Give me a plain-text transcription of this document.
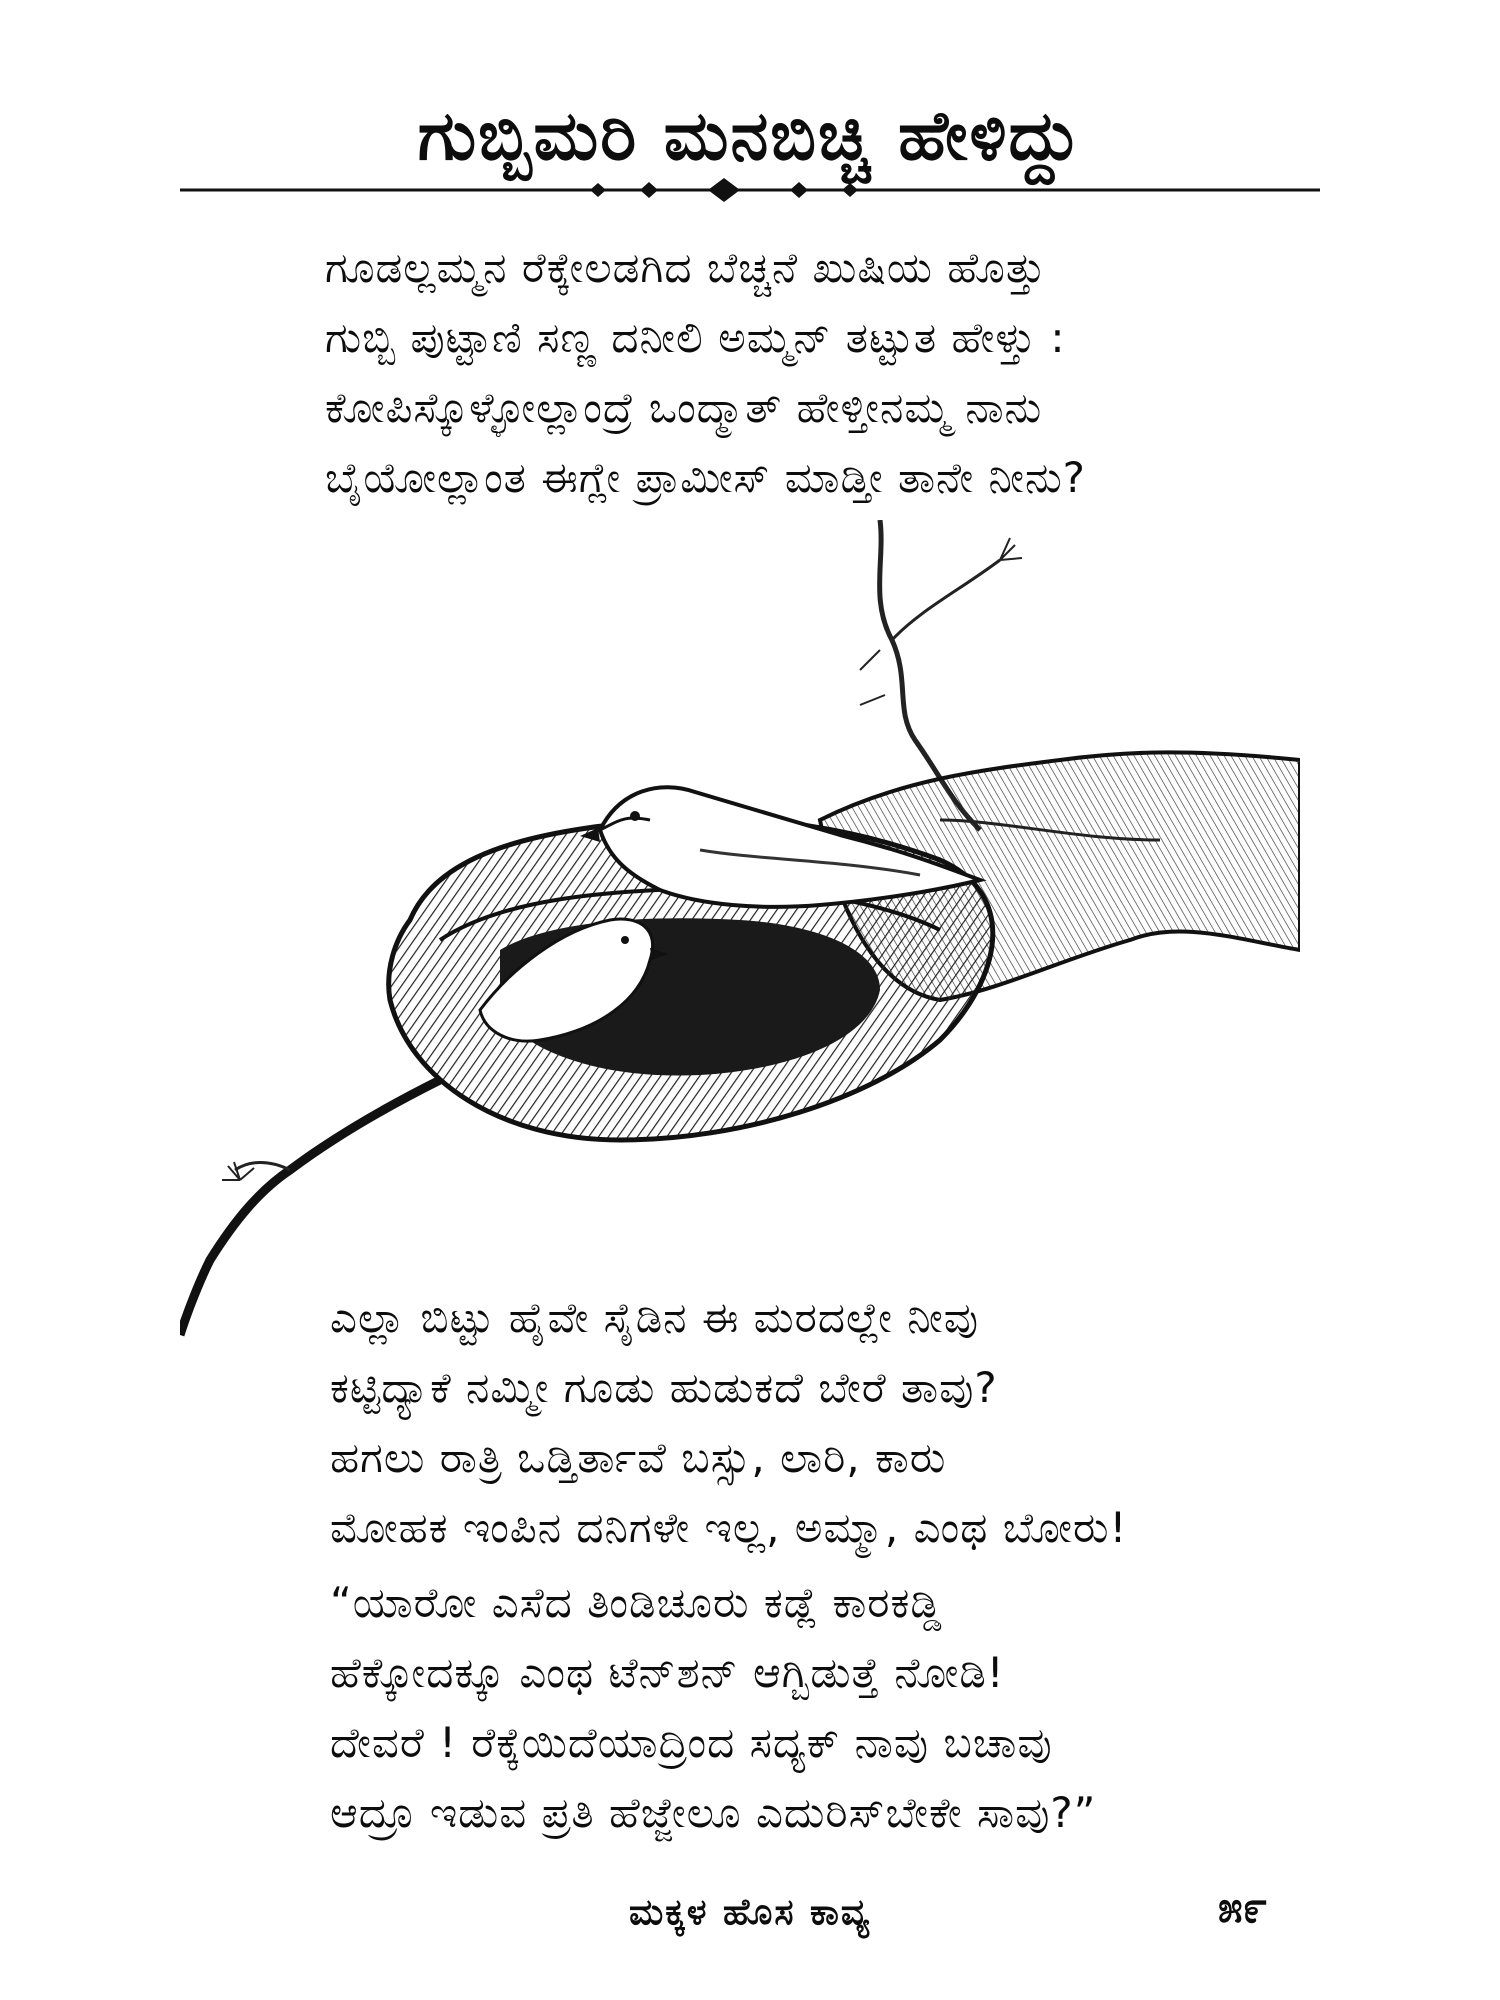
ಗುಬ್ಬಿಮರಿ ಮನಬಿಚ್ಚಿ ಹೇಳಿದ್ದು
ಗೂಡಲ್ಲಮ್ಮನ ರೆಕ್ಕೇಲಡಗಿದ ಬೆಚ್ಚನೆ ಖುಷಿಯ ಹೊತ್ತು
ಗುಬ್ಬಿ ಪುಟ್ಟಾಣಿ ಸಣ್ಣ ದನೀಲಿ ಅಮ್ಮನ್ ತಟ್ಟುತ ಹೇಳ್ತು :
ಕೋಪಿಸ್ಕೊಳ್ಳೋಲ್ಲಾಂದ್ರೆ ಒಂದ್ಮಾತ್ ಹೇಳ್ತೀನಮ್ಮ ನಾನು
ಬೈಯೋಲ್ಲಾಂತ ಈಗ್ಲೇ ಪ್ರಾಮೀಸ್ ಮಾಡ್ತೀ ತಾನೇ ನೀನು?
ಎಲ್ಲಾ ಬಿಟ್ಟು ಹೈವೇ ಸೈಡಿನ ಈ ಮರದಲ್ಲೇ ನೀವು
ಕಟ್ಟಿದ್ಯಾಕೆ ನಮ್ಮೀ ಗೂಡು ಹುಡುಕದೆ ಬೇರೆ ತಾವು?
ಹಗಲು ರಾತ್ರಿ ಒಡ್ತಿರ್ತಾವೆ ಬಸ್ಸು, ಲಾರಿ, ಕಾರು
ಮೋಹಕ ಇಂಪಿನ ದನಿಗಳೇ ಇಲ್ಲ, ಅಮ್ಮಾ, ಎಂಥ ಬೋರು!
“ಯಾರೋ ಎಸೆದ ತಿಂಡಿಚೂರು ಕಡ್ಲೆ ಕಾರಕಡ್ಡಿ
ಹೆಕ್ಕೋದಕ್ಕೂ ಎಂಥ ಟೆನ್‌ಶನ್ ಆಗ್ಬಿಡುತ್ತೆ ನೋಡಿ!
ದೇವರೆ ! ರೆಕ್ಕೆಯಿದೆಯಾದ್ರಿಂದ ಸದ್ಯಕ್ ನಾವು ಬಚಾವು
ಆದ್ರೂ ಇಡುವ ಪ್ರತಿ ಹೆಜ್ಜೇಲೂ ಎದುರಿಸ್‌ಬೇಕೇ ಸಾವು?”
ಮಕ್ಕಳ ಹೊಸ ಕಾವ್ಯ	೫೯
